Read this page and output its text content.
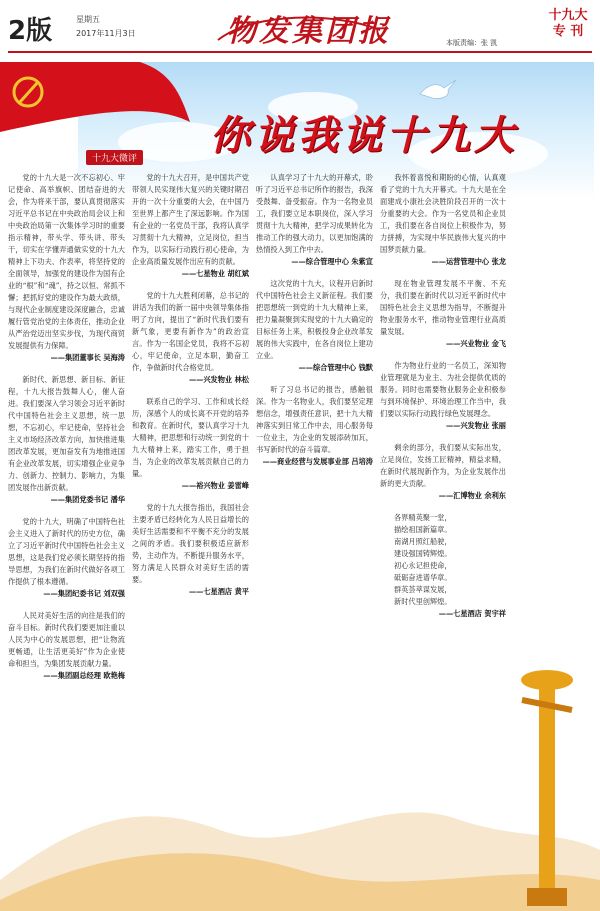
2版	星期五
2017年11月3日	物发集团报	本版责编：张 凯
十九大
专 刊
你说我说十九大
十九大微评

党的十九大是一次不忘初心、牢记使命、高举旗帜、团结奋进的大会，作为将来干部，要认真贯彻落实习近平总书记在中央政治局会议上和中央政治局第一次集体学习时的重要指示精神，带头学、带头讲、带头干，切实在学懂弄通做实党的十九大精神上下功夫、作表率，将坚持党的全面领导，加强党的建设作为国有企业的“根”和“魂”，持之以恒、常抓不懈；把抓好党的建设作为最大政绩，与现代企业制度建设深度融合，忠诚履行管党治党的主体责任，推动企业从严治党迈出坚实步伐，为现代商贸发展提供有力保障。

——集团董事长 吴海涛

新时代、新思想、新目标、新征程，十九大报告鼓舞人心，催人奋进。我们要深入学习领会习近平新时代中国特色社会主义思想，统一思想，不忘初心，牢记使命，坚持社会主义市场经济改革方向，加快推进集团改革发展，更加奋发有为地推进国有企业改革发展，切实增强企业竞争力、创新力、控制力、影响力，为集团发展作出新贡献。

——集团党委书记 潘华

党的十九大，明确了中国特色社会主义进入了新时代的历史方位，确立了习近平新时代中国特色社会主义思想，这是我们党必须长期坚持的指导思想，为我们在新时代做好各项工作提供了根本遵循。

——集团纪委书记 刘双强

人民对美好生活的向往是我们的奋斗目标。新时代我们要更加注重以人民为中心的发展思想，把“让物流更畅通，让生活更美好”作为企业使命和担当，为集团发展贡献力量。

——集团副总经理 欧艳梅

党的十九大召开，是中国共产党带领人民实现伟大复兴的关键时期召开的一次十分重要的大会，在中国乃至世界上都产生了深远影响。作为国有企业的一名党员干部，我将认真学习贯彻十九大精神，立足岗位，担当作为，以实际行动践行初心使命，为企业高质量发展作出应有的贡献。

——七星物业 胡红斌

党的十九大胜利闭幕，总书记的讲话为我们的新一届中央领导集体指明了方向，提出了“新时代我们要有新气象，更要有新作为”的政治宣言。作为一名国企党员，我将不忘初心，牢记使命，立足本职，勤奋工作，争做新时代合格党员。

——兴发物业 林松

联系自己的学习、工作和成长经历，深感个人的成长离不开党的培养和教育。在新时代，要认真学习十九大精神，把思想和行动统一到党的十九大精神上来，踏实工作，勇于担当，为企业的改革发展贡献自己的力量。

——裕兴物业 姜雷峰

党的十九大报告指出，我国社会主要矛盾已经转化为人民日益增长的美好生活需要和不平衡不充分的发展之间的矛盾。我们要积极适应新形势，主动作为，不断提升服务水平，努力满足人民群众对美好生活的需要。

——七星酒店 黄平

认真学习了十九大的开幕式，聆听了习近平总书记所作的报告，我深受鼓舞、备受振奋。作为一名物业员工，我们要立足本职岗位，深入学习贯彻十九大精神，把学习成果转化为推动工作的强大动力，以更加饱满的热情投入到工作中去。

——综合管理中心 朱紫宣

这次党的十九大，议程开启新时代中国特色社会主义新征程。我们要把思想统一到党的十九大精神上来，把力量凝聚到实现党的十九大确定的目标任务上来，积极投身企业改革发展的伟大实践中，在各自岗位上建功立业。

——综合管理中心 钱默

听了习总书记的报告，感触很深。作为一名物业人，我们要坚定理想信念，增强责任意识，把十九大精神落实到日常工作中去，用心服务每一位业主，为企业的发展添砖加瓦，书写新时代的奋斗篇章。

——商业经营与发展事业部 吕培涛

我怀着喜悦和期盼的心情，认真观看了党的十九大开幕式。十九大是在全面建成小康社会决胜阶段召开的一次十分重要的大会。作为一名党员和企业员工，我们要在各自岗位上积极作为，努力拼搏，为实现中华民族伟大复兴的中国梦贡献力量。

——运营管理中心 张龙

现在物业管理发展不平衡、不充分，我们要在新时代以习近平新时代中国特色社会主义思想为指导，不断提升物业服务水平，推动物业管理行业高质量发展。

——兴业物业 金飞

作为物业行业的一名员工，深知物业管理就是为业主、为社会提供优质的服务。同时也需要物业服务企业积极参与到环境保护、环境治理工作当中，我们要以实际行动践行绿色发展理念。

——兴发物业 张丽

剩余的部分，我们要从实际出发，立足岗位，发扬工匠精神，精益求精，在新时代展现新作为，为企业发展作出新的更大贡献。

——汇博物业 余利东

各界精英聚一堂，

描绘祖国新篇章。

南湖月照红船驶，

建设强国铸辉煌。

初心永记担使命，

砥砺奋进谱华章。

群英荟萃谋发展，

新时代里创辉煌。

——七星酒店 贺宇祥
